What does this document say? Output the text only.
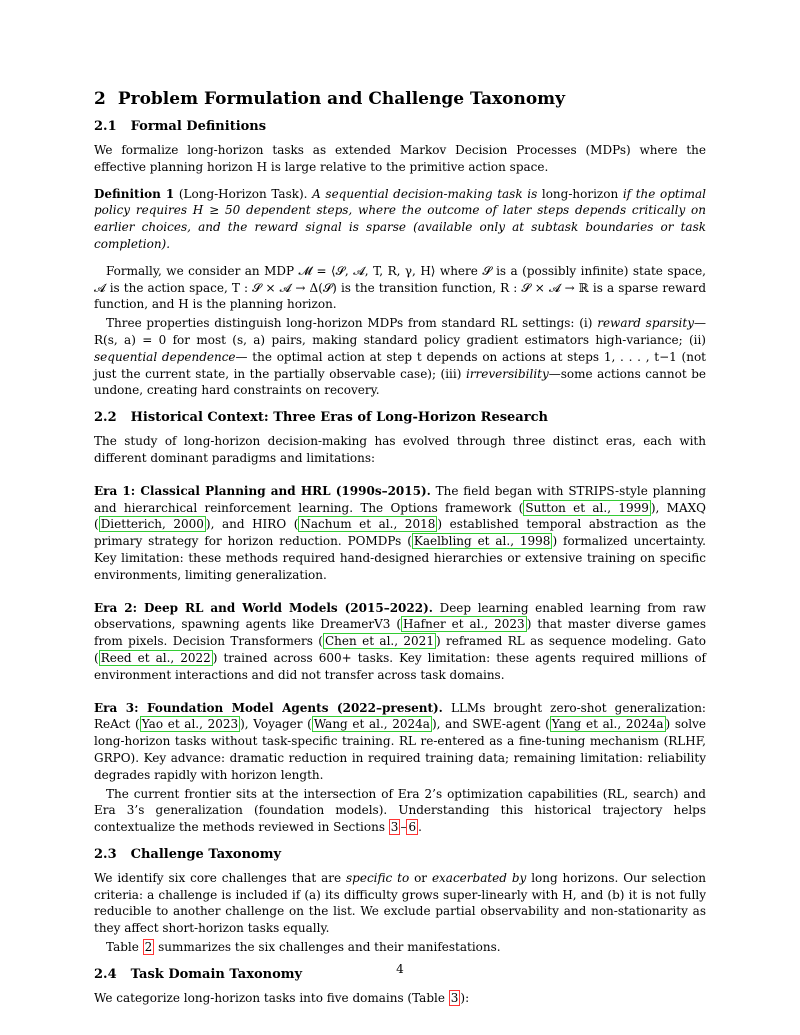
2 Problem Formulation and Challenge Taxonomy
2.1 Formal Definitions

We formalize long-horizon tasks as extended Markov Decision Processes (MDPs) where the effective planning horizon H is large relative to the primitive action space.

Definition 1 (Long-Horizon Task). A sequential decision-making task is long-horizon if the optimal policy requires H ≥ 50 dependent steps, where the outcome of later steps depends critically on earlier choices, and the reward signal is sparse (available only at subtask boundaries or task completion).

Formally, we consider an MDP 𝓜 = ⟨𝓢, 𝓐, T, R, γ, H⟩ where 𝓢 is a (possibly infinite) state space, 𝓐 is the action space, T : 𝓢 × 𝓐 → Δ(𝓢) is the transition function, R : 𝓢 × 𝓐 → ℝ is a sparse reward function, and H is the planning horizon.

Three properties distinguish long-horizon MDPs from standard RL settings: (i) reward sparsity—R(s, a) = 0 for most (s, a) pairs, making standard policy gradient estimators high-variance; (ii) sequential dependence— the optimal action at step t depends on actions at steps 1, . . . , t−1 (not just the current state, in the partially observable case); (iii) irreversibility—some actions cannot be undone, creating hard constraints on recovery.

2.2 Historical Context: Three Eras of Long-Horizon Research

The study of long-horizon decision-making has evolved through three distinct eras, each with different dominant paradigms and limitations:

Era 1: Classical Planning and HRL (1990s–2015). The field began with STRIPS-style planning and hierarchical reinforcement learning. The Options framework ( Sutton et al., 1999 ), MAXQ ( Dietterich, 2000 ), and HIRO ( Nachum et al., 2018 ) established temporal abstraction as the primary strategy for horizon reduction. POMDPs ( Kaelbling et al., 1998 ) formalized uncertainty. Key limitation: these methods required hand-designed hierarchies or extensive training on specific environments, limiting generalization.

Era 2: Deep RL and World Models (2015–2022). Deep learning enabled learning from raw observations, spawning agents like DreamerV3 ( Hafner et al., 2023 ) that master diverse games from pixels. Decision Transformers ( Chen et al., 2021 ) reframed RL as sequence modeling. Gato ( Reed et al., 2022 ) trained across 600+ tasks. Key limitation: these agents required millions of environment interactions and did not transfer across task domains.

Era 3: Foundation Model Agents (2022–present). LLMs brought zero-shot generalization: ReAct ( Yao et al., 2023 ), Voyager ( Wang et al., 2024a ), and SWE-agent ( Yang et al., 2024a ) solve long-horizon tasks without task-specific training. RL re-entered as a fine-tuning mechanism (RLHF, GRPO). Key advance: dramatic reduction in required training data; remaining limitation: reliability degrades rapidly with horizon length.

The current frontier sits at the intersection of Era 2’s optimization capabilities (RL, search) and Era 3’s generalization (foundation models). Understanding this historical trajectory helps contextualize the methods reviewed in Sections 3 – 6 .

2.3 Challenge Taxonomy

We identify six core challenges that are specific to or exacerbated by long horizons. Our selection criteria: a challenge is included if (a) its difficulty grows super-linearly with H, and (b) it is not fully reducible to another challenge on the list. We exclude partial observability and non-stationarity as they affect short-horizon tasks equally.

Table 2 summarizes the six challenges and their manifestations.

2.4 Task Domain Taxonomy

We categorize long-horizon tasks into five domains (Table 3 ):

4
